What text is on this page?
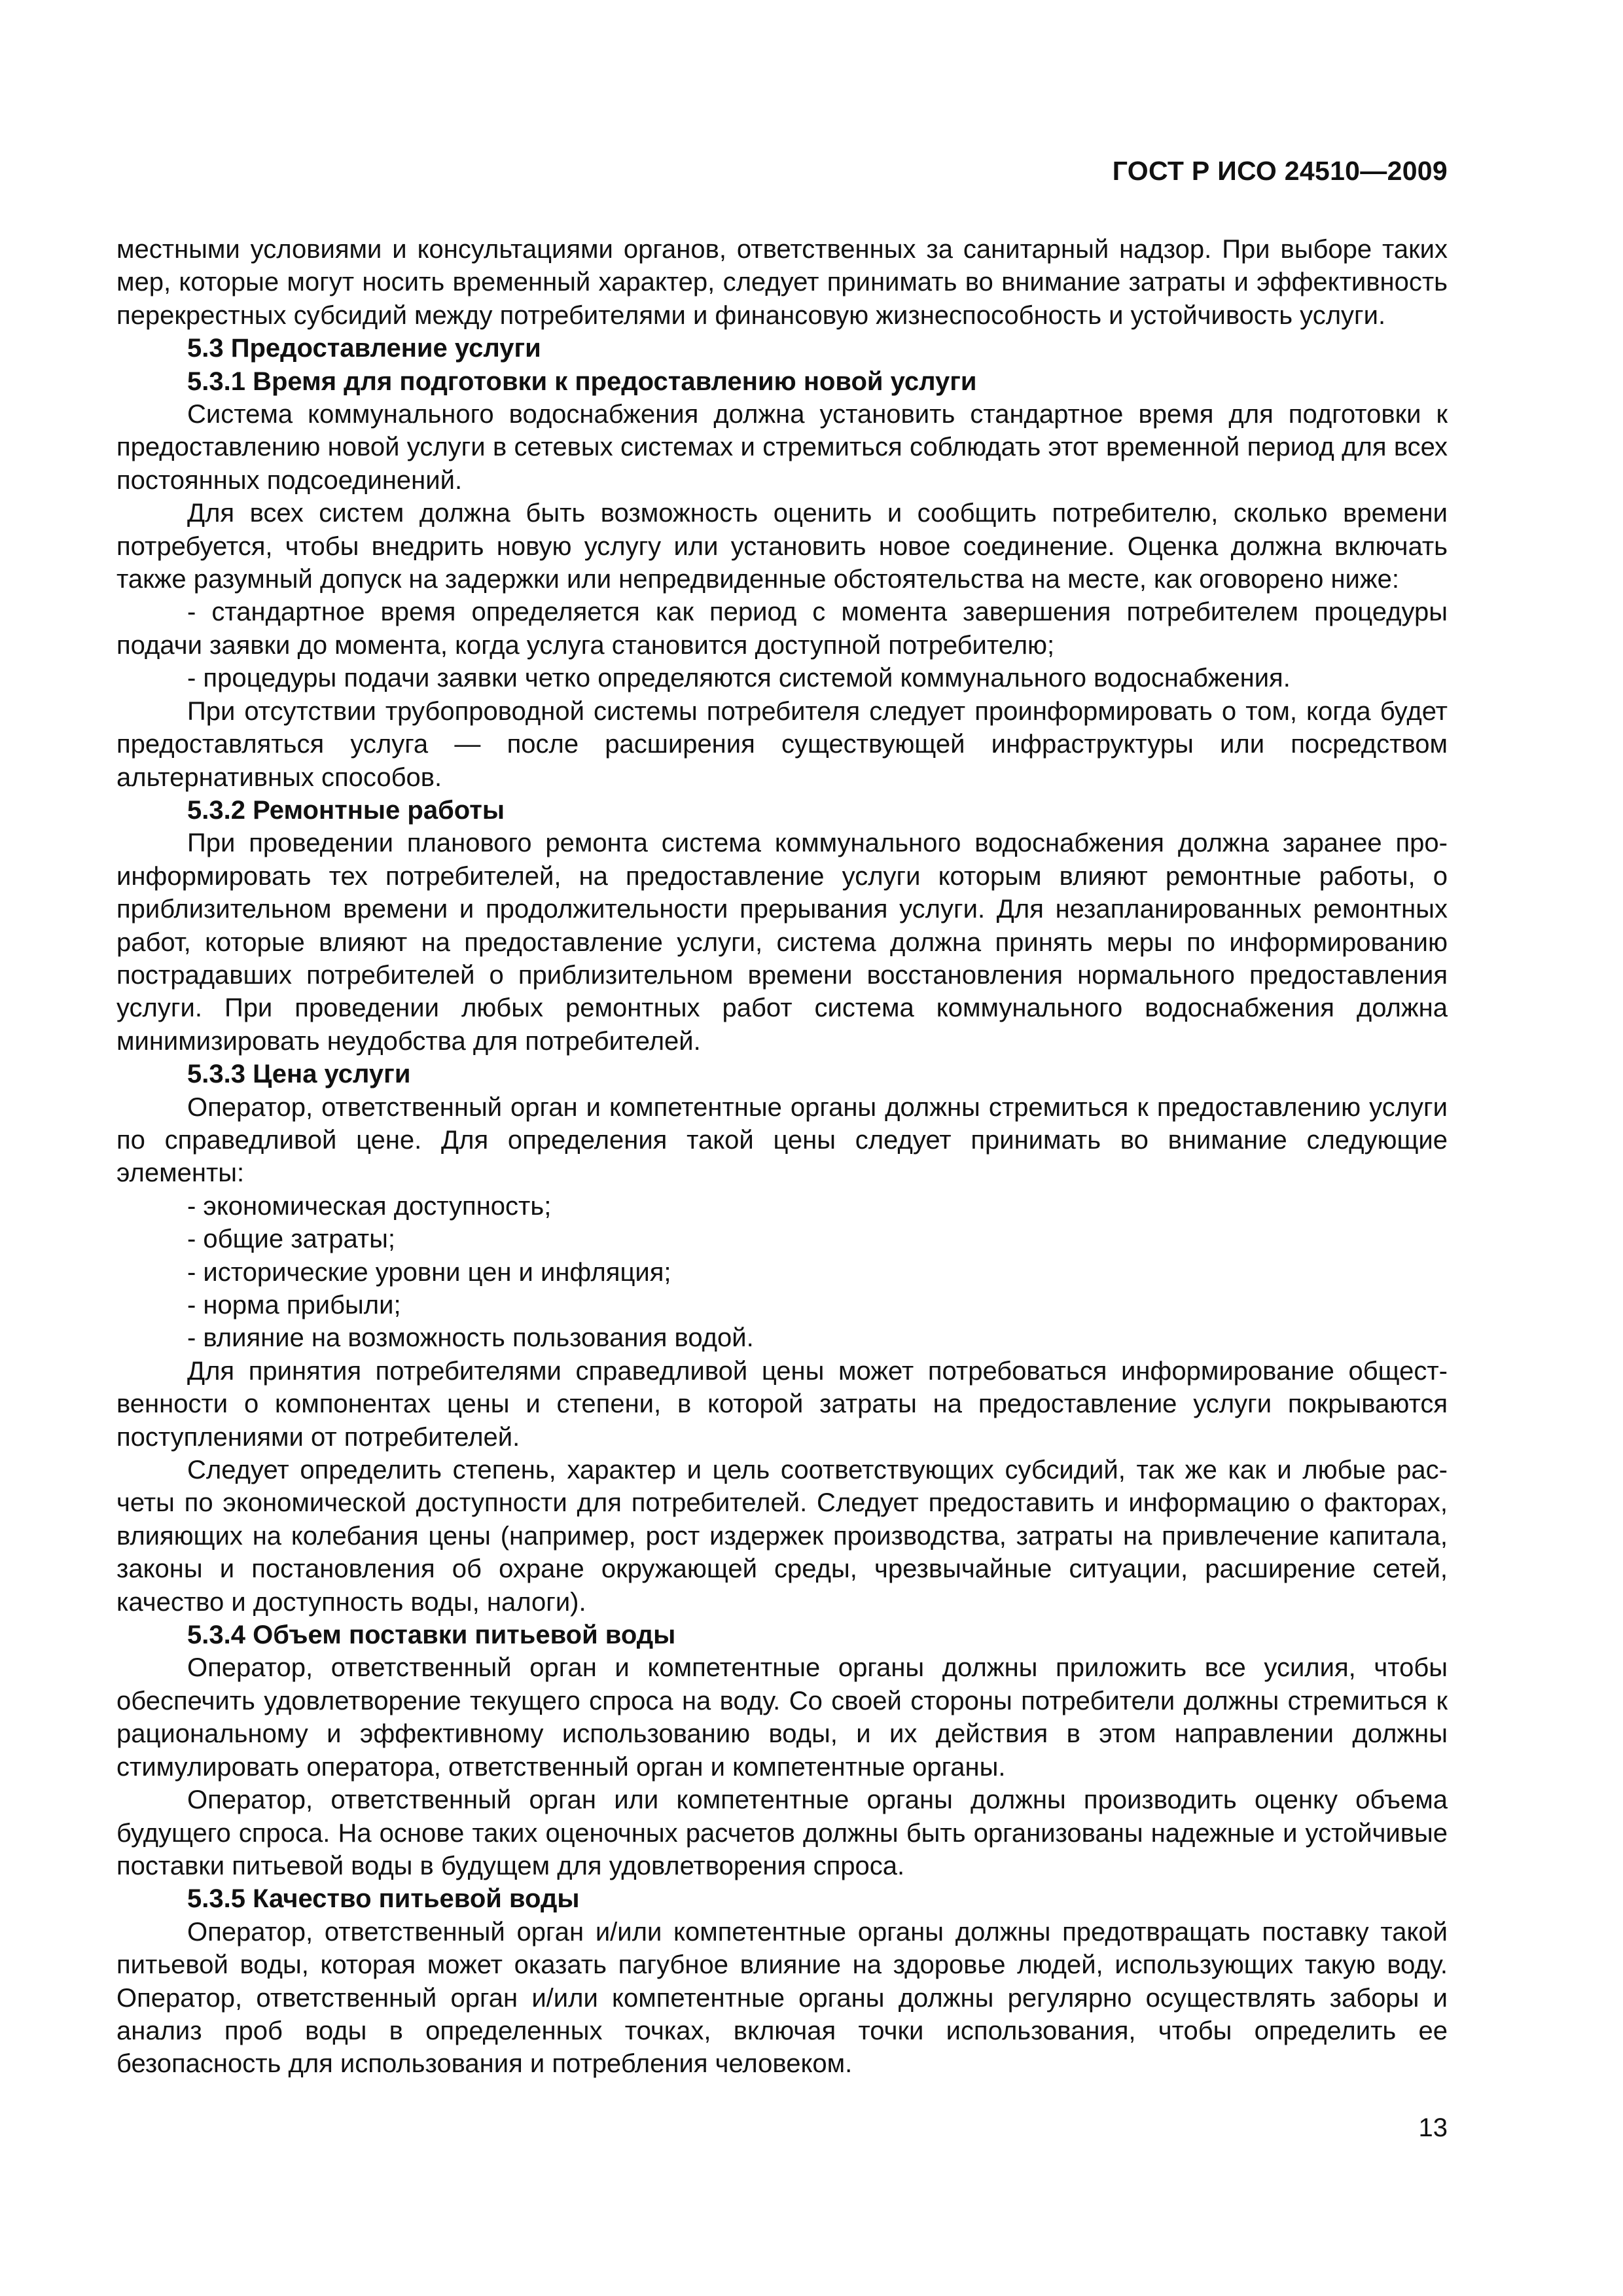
ГОСТ Р ИСО 24510—2009

местными условиями и консультациями органов, ответственных за санитарный надзор. При выборе таких мер, которые могут носить временный характер, следует принимать во внимание затраты и эффективность перекрестных субсидий между потребителями и финансовую жизнеспособность и устойчивость услуги.

5.3 Предоставление услуги

5.3.1 Время для подготовки к предоставлению новой услуги

Система коммунального водоснабжения должна установить стандартное время для подготовки к предоставлению новой услуги в сетевых системах и стремиться соблюдать этот временной период для всех постоянных подсоединений.

Для всех систем должна быть возможность оценить и сообщить потребителю, сколько времени потребуется, чтобы внедрить новую услугу или установить новое соединение. Оценка должна включать также разумный допуск на задержки или непредвиденные обстоятельства на месте, как оговорено ниже:

- стандартное время определяется как период с момента завершения потребителем процедуры подачи заявки до момента, когда услуга становится доступной потребителю;

- процедуры подачи заявки четко определяются системой коммунального водоснабжения.

При отсутствии трубопроводной системы потребителя следует проинформировать о том, когда будет предоставляться услуга — после расширения существующей инфраструктуры или посредством альтернативных способов.

5.3.2 Ремонтные работы

При проведении планового ремонта система коммунального водоснабжения должна заранее проинформировать тех потребителей, на предоставление услуги которым влияют ремонтные работы, о приблизительном времени и продолжительности прерывания услуги. Для незапланированных ремонтных работ, которые влияют на предоставление услуги, система должна принять меры по информированию пострадавших потребителей о приблизительном времени восстановления нормального предоставления услуги. При проведении любых ремонтных работ система коммунального водоснабжения должна минимизировать неудобства для потребителей.

5.3.3 Цена услуги

Оператор, ответственный орган и компетентные органы должны стремиться к предоставлению услуги по справедливой цене. Для определения такой цены следует принимать во внимание следующие элементы:

- экономическая доступность;

- общие затраты;

- исторические уровни цен и инфляция;

- норма прибыли;

- влияние на возможность пользования водой.

Для принятия потребителями справедливой цены может потребоваться информирование общественности о компонентах цены и степени, в которой затраты на предоставление услуги покрываются поступлениями от потребителей.

Следует определить степень, характер и цель соответствующих субсидий, так же как и любые расчеты по экономической доступности для потребителей. Следует предоставить и информацию о факторах, влияющих на колебания цены (например, рост издержек производства, затраты на привлечение капитала, законы и постановления об охране окружающей среды, чрезвычайные ситуации, расширение сетей, качество и доступность воды, налоги).

5.3.4 Объем поставки питьевой воды

Оператор, ответственный орган и компетентные органы должны приложить все усилия, чтобы обеспечить удовлетворение текущего спроса на воду. Со своей стороны потребители должны стремиться к рациональному и эффективному использованию воды, и их действия в этом направлении должны стимулировать оператора, ответственный орган и компетентные органы.

Оператор, ответственный орган или компетентные органы должны производить оценку объема будущего спроса. На основе таких оценочных расчетов должны быть организованы надежные и устойчивые поставки питьевой воды в будущем для удовлетворения спроса.

5.3.5 Качество питьевой воды

Оператор, ответственный орган и/или компетентные органы должны предотвращать поставку такой питьевой воды, которая может оказать пагубное влияние на здоровье людей, использующих такую воду. Оператор, ответственный орган и/или компетентные органы должны регулярно осуществлять заборы и анализ проб воды в определенных точках, включая точки использования, чтобы определить ее безопасность для использования и потребления человеком.

13
